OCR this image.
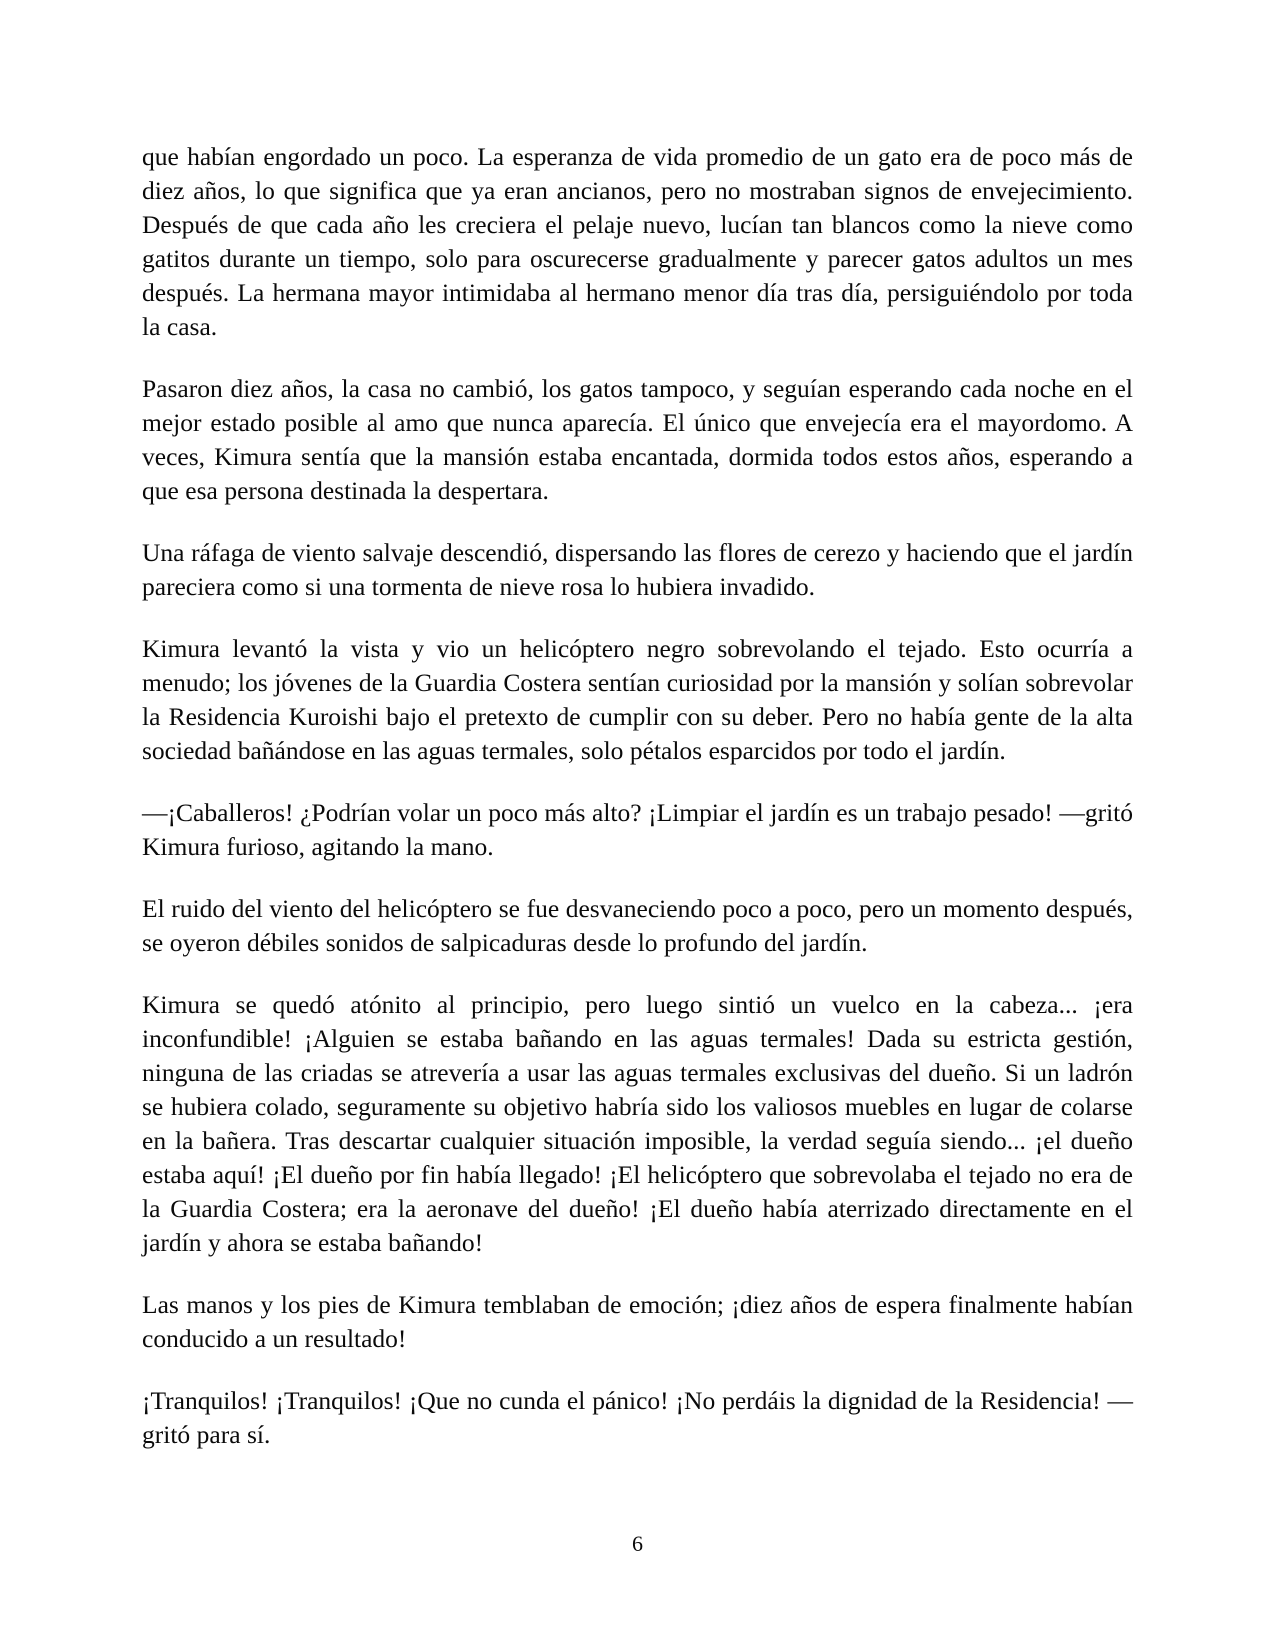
que habían engordado un poco. La esperanza de vida promedio de un gato era de poco más de diez años, lo que significa que ya eran ancianos, pero no mostraban signos de envejecimiento. Después de que cada año les creciera el pelaje nuevo, lucían tan blancos como la nieve como gatitos durante un tiempo, solo para oscurecerse gradualmente y parecer gatos adultos un mes después. La hermana mayor intimidaba al hermano menor día tras día, persiguiéndolo por toda la casa.

Pasaron diez años, la casa no cambió, los gatos tampoco, y seguían esperando cada noche en el mejor estado posible al amo que nunca aparecía. El único que envejecía era el mayordomo. A veces, Kimura sentía que la mansión estaba encantada, dormida todos estos años, esperando a que esa persona destinada la despertara.

Una ráfaga de viento salvaje descendió, dispersando las flores de cerezo y haciendo que el jardín pareciera como si una tormenta de nieve rosa lo hubiera invadido.

Kimura levantó la vista y vio un helicóptero negro sobrevolando el tejado. Esto ocurría a menudo; los jóvenes de la Guardia Costera sentían curiosidad por la mansión y solían sobrevolar la Residencia Kuroishi bajo el pretexto de cumplir con su deber. Pero no había gente de la alta sociedad bañándose en las aguas termales, solo pétalos esparcidos por todo el jardín.

—¡Caballeros! ¿Podrían volar un poco más alto? ¡Limpiar el jardín es un trabajo pesado! —gritó Kimura furioso, agitando la mano.

El ruido del viento del helicóptero se fue desvaneciendo poco a poco, pero un momento después, se oyeron débiles sonidos de salpicaduras desde lo profundo del jardín.

Kimura se quedó atónito al principio, pero luego sintió un vuelco en la cabeza... ¡era inconfundible! ¡Alguien se estaba bañando en las aguas termales! Dada su estricta gestión, ninguna de las criadas se atrevería a usar las aguas termales exclusivas del dueño. Si un ladrón se hubiera colado, seguramente su objetivo habría sido los valiosos muebles en lugar de colarse en la bañera. Tras descartar cualquier situación imposible, la verdad seguía siendo... ¡el dueño estaba aquí! ¡El dueño por fin había llegado! ¡El helicóptero que sobrevolaba el tejado no era de la Guardia Costera; era la aeronave del dueño! ¡El dueño había aterrizado directamente en el jardín y ahora se estaba bañando!

Las manos y los pies de Kimura temblaban de emoción; ¡diez años de espera finalmente habían conducido a un resultado!

¡Tranquilos! ¡Tranquilos! ¡Que no cunda el pánico! ¡No perdáis la dignidad de la Residencia! —gritó para sí.

6
